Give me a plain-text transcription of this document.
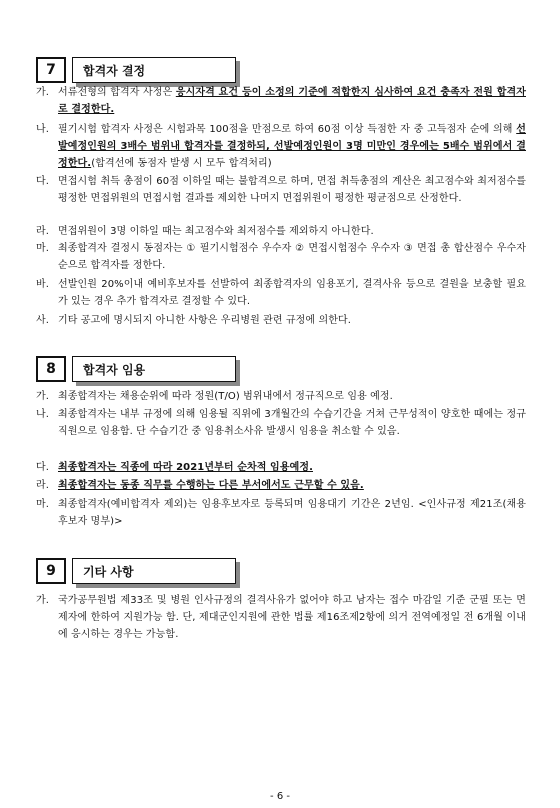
7	합격자 결정
가. 서류전형의 합격자 사정은 응시자격 요건 등이 소정의 기준에 적합한지 심사하여 요건 충족자 전원 합격자로 결정한다.
나. 필기시험 합격자 사정은 시험과목 100점을 만점으로 하여 60점 이상 득점한 자 중 고득점자 순에 의해 선발예정인원의 3배수 범위내 합격자를 결정하되, 선발예정인원이 3명 미만인 경우에는 5배수 범위에서 결정한다.(합격선에 동점자 발생 시 모두 합격처리)
다. 면접시험 취득 총점이 60점 이하일 때는 불합격으로 하며, 면접 취득총점의 계산은 최고점수와 최저점수를 평정한 면접위원의 면접시험 결과를 제외한 나머지 면접위원이 평정한 평균점으로 산정한다.
라. 면접위원이 3명 이하일 때는 최고점수와 최저점수를 제외하지 아니한다.
마. 최종합격자 결정시 동점자는 ① 필기시험점수 우수자 ② 면접시험점수 우수자 ③ 면접 총 합산점수 우수자 순으로 합격자를 정한다.
바. 선발인원 20%이내 예비후보자를 선발하여 최종합격자의 임용포기, 결격사유 등으로 결원을 보충할 필요가 있는 경우 추가 합격자로 결정할 수 있다.
사. 기타 공고에 명시되지 아니한 사항은 우리병원 관련 규정에 의한다.
8	합격자 임용
가. 최종합격자는 채용순위에 따라 정원(T/O) 범위내에서 정규직으로 임용 예정.
나. 최종합격자는 내부 규정에 의해 임용될 직위에 3개월간의 수습기간을 거쳐 근무성적이 양호한 때에는 정규직원으로 임용함. 단 수습기간 중 임용취소사유 발생시 임용을 취소할 수 있음.
다. 최종합격자는 직종에 따라 2021년부터 순차적 임용예정.
라. 최종합격자는 동종 직무를 수행하는 다른 부서에서도 근무할 수 있음.
마. 최종합격자(예비합격자 제외)는 임용후보자로 등록되며 임용대기 기간은 2년임. <인사규정 제21조(채용후보자 명부)>
9	기타 사항
가. 국가공무원법 제33조 및 병원 인사규정의 결격사유가 없어야 하고 남자는 접수 마감일 기준 군필 또는 면제자에 한하여 지원가능 함. 단, 제대군인지원에 관한 법률 제16조제2항에 의거 전역예정일 전 6개월 이내에 응시하는 경우는 가능함.
- 6 -
